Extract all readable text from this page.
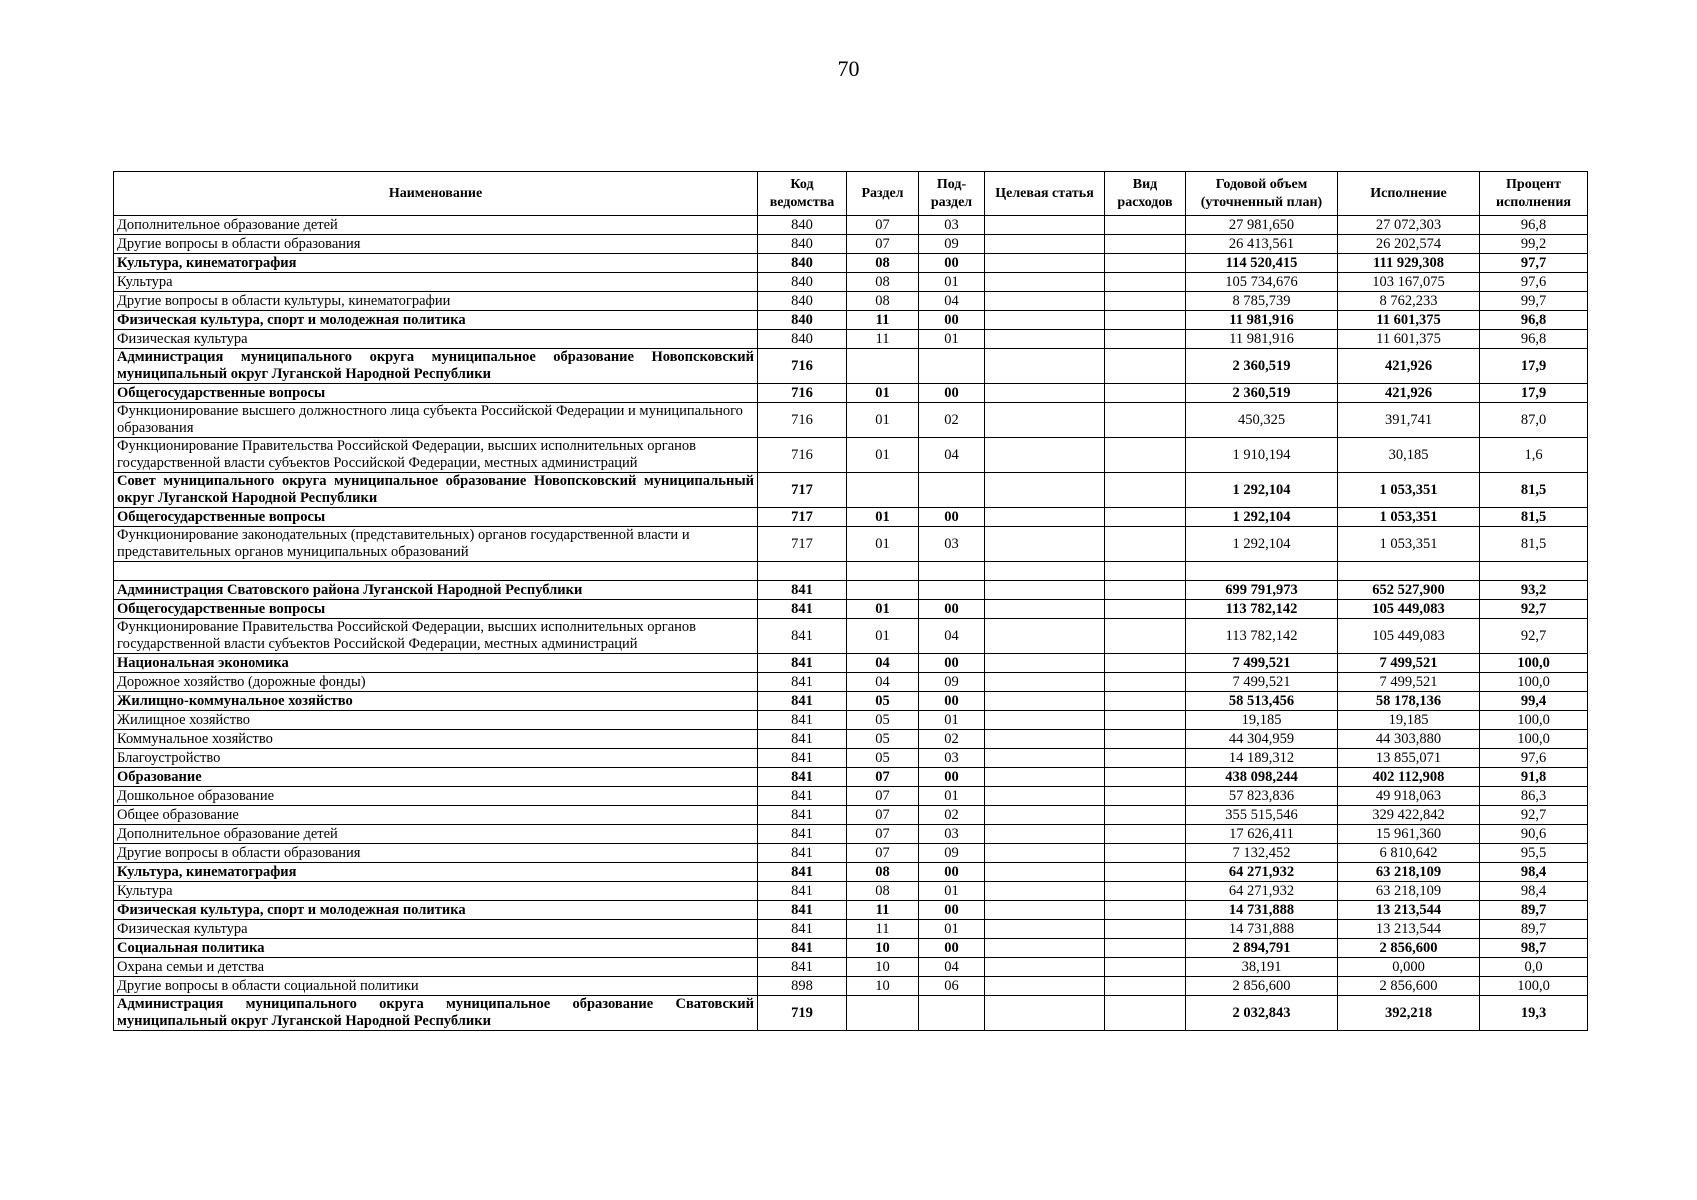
70
Наименование	Код ведомства	Раздел	Под-раздел	Целевая статья	Вид расходов	Годовой объем (уточненный план)	Исполнение	Процент исполнения
Дополнительное образование детей	840	07	03			27 981,650	27 072,303	96,8
Другие вопросы в области образования	840	07	09			26 413,561	26 202,574	99,2
Культура, кинематография	840	08	00			114 520,415	111 929,308	97,7
Культура	840	08	01			105 734,676	103 167,075	97,6
Другие вопросы в области культуры, кинематографии	840	08	04			8 785,739	8 762,233	99,7
Физическая культура, спорт и молодежная политика	840	11	00			11 981,916	11 601,375	96,8
Физическая культура	840	11	01			11 981,916	11 601,375	96,8
Администрация муниципального округа муниципальное образование Новопсковский муниципальный округ Луганской Народной Республики	716					2 360,519	421,926	17,9
Общегосударственные вопросы	716	01	00			2 360,519	421,926	17,9
Функционирование высшего должностного лица субъекта Российской Федерации и муниципального образования	716	01	02			450,325	391,741	87,0
Функционирование Правительства Российской Федерации, высших исполнительных органов государственной власти субъектов Российской Федерации, местных администраций	716	01	04			1 910,194	30,185	1,6
Совет муниципального округа муниципальное образование Новопсковский муниципальный округ Луганской Народной Республики	717					1 292,104	1 053,351	81,5
Общегосударственные вопросы	717	01	00			1 292,104	1 053,351	81,5
Функционирование законодательных (представительных) органов государственной власти и представительных органов муниципальных образований	717	01	03			1 292,104	1 053,351	81,5

Администрация Сватовского района Луганской Народной Республики	841					699 791,973	652 527,900	93,2
Общегосударственные вопросы	841	01	00			113 782,142	105 449,083	92,7
Функционирование Правительства Российской Федерации, высших исполнительных органов государственной власти субъектов Российской Федерации, местных администраций	841	01	04			113 782,142	105 449,083	92,7
Национальная экономика	841	04	00			7 499,521	7 499,521	100,0
Дорожное хозяйство (дорожные фонды)	841	04	09			7 499,521	7 499,521	100,0
Жилищно-коммунальное хозяйство	841	05	00			58 513,456	58 178,136	99,4
Жилищное хозяйство	841	05	01			19,185	19,185	100,0
Коммунальное хозяйство	841	05	02			44 304,959	44 303,880	100,0
Благоустройство	841	05	03			14 189,312	13 855,071	97,6
Образование	841	07	00			438 098,244	402 112,908	91,8
Дошкольное образование	841	07	01			57 823,836	49 918,063	86,3
Общее образование	841	07	02			355 515,546	329 422,842	92,7
Дополнительное образование детей	841	07	03			17 626,411	15 961,360	90,6
Другие вопросы в области образования	841	07	09			7 132,452	6 810,642	95,5
Культура, кинематография	841	08	00			64 271,932	63 218,109	98,4
Культура	841	08	01			64 271,932	63 218,109	98,4
Физическая культура, спорт и молодежная политика	841	11	00			14 731,888	13 213,544	89,7
Физическая культура	841	11	01			14 731,888	13 213,544	89,7
Социальная политика	841	10	00			2 894,791	2 856,600	98,7
Охрана семьи и детства	841	10	04			38,191	0,000	0,0
Другие вопросы в области социальной политики	898	10	06			2 856,600	2 856,600	100,0
Администрация муниципального округа муниципальное образование Сватовский муниципальный округ Луганской Народной Республики	719					2 032,843	392,218	19,3
